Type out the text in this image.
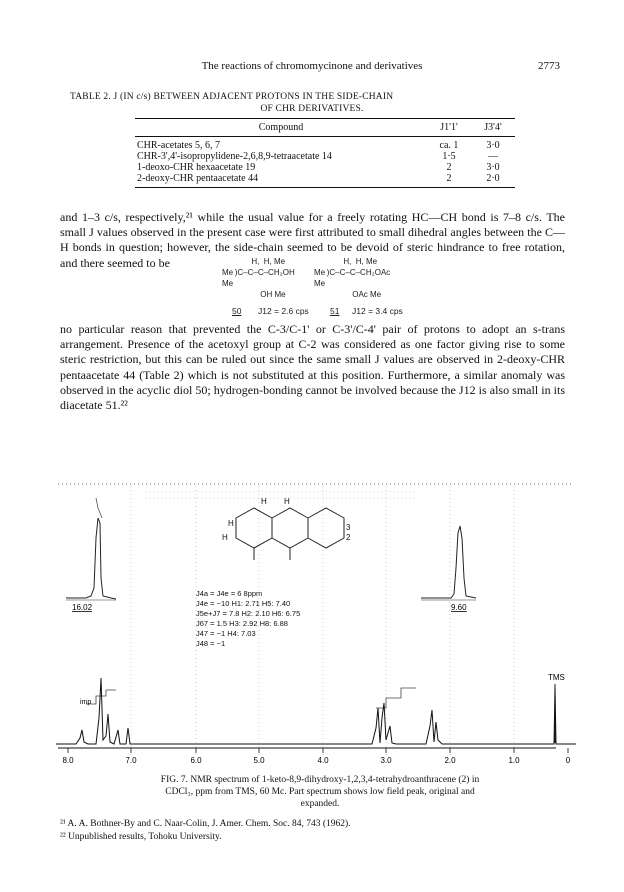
The reactions of chromomycinone and derivatives	2773
TABLE 2. J (IN c/s) BETWEEN ADJACENT PROTONS IN THE SIDE-CHAIN
OF CHR DERIVATIVES.
Compound	J1'1'	J3'4'
CHR-acetates 5, 6, 7	ca. 1	3·0
CHR-3',4'-isopropylidene-2,6,8,9-tetraacetate 14	1·5	—
1-deoxo-CHR hexaacetate 19	2	3·0
2-deoxy-CHR pentaacetate 44	2	2·0
and 1–3 c/s, respectively,²¹ while the usual value for a freely rotating HC—CH bond is 7–8 c/s. The small J values observed in the present case were first attributed to small dihedral angles between the C—H bonds in question; however, the side-chain seemed to be devoid of steric hindrance to free rotation, and there seemed to be	H,  H, Me
Me )C–C–C–CH₂OH
Me
OH Me
H,  H, Me
Me )C–C–C–CH₂OAc
Me
OAc Me
50 J12 = 2.6 cps 51 J12 = 3.4 cps
no particular reason that prevented the C-3/C-1' or C-3'/C-4' pair of protons to adopt an s-trans arrangement. Presence of the acetoxyl group at C-2 was considered as one factor giving rise to some steric restriction, but this can be ruled out since the same small J values are observed in 2-deoxy-CHR pentaacetate 44 (Table 2) which is not substituted at this position. Furthermore, a similar anomaly was observed in the acyclic diol 50; hydrogen-bonding cannot be involved because the J12 is also small in its diacetate 51.²²
16.02	9.60
H
H
H H
3
2
J4a = J4e = 6 8ppm
J4e = ~10 H1: 2.71 H5: 7.40
J5e+J7 = 7.8 H2: 2.10 H6: 6.75
J67 = 1.5 H3: 2.92 H8: 6.88
J47 = ~1 H4: 7.03
J48 = ~1
TMS
imp
8.0	7.0	6.0	5.0	4.0	3.0	2.0	1.0	0
FIG. 7. NMR spectrum of 1-keto-8,9-dihydroxy-1,2,3,4-tetrahydroanthracene (2) in
CDCl₃, ppm from TMS, 60 Mc. Part spectrum shows low field peak, original and
expanded.
²¹ A. A. Bothner-By and C. Naar-Colin, J. Amer. Chem. Soc. 84, 743 (1962).
²² Unpublished results, Tohoku University.
